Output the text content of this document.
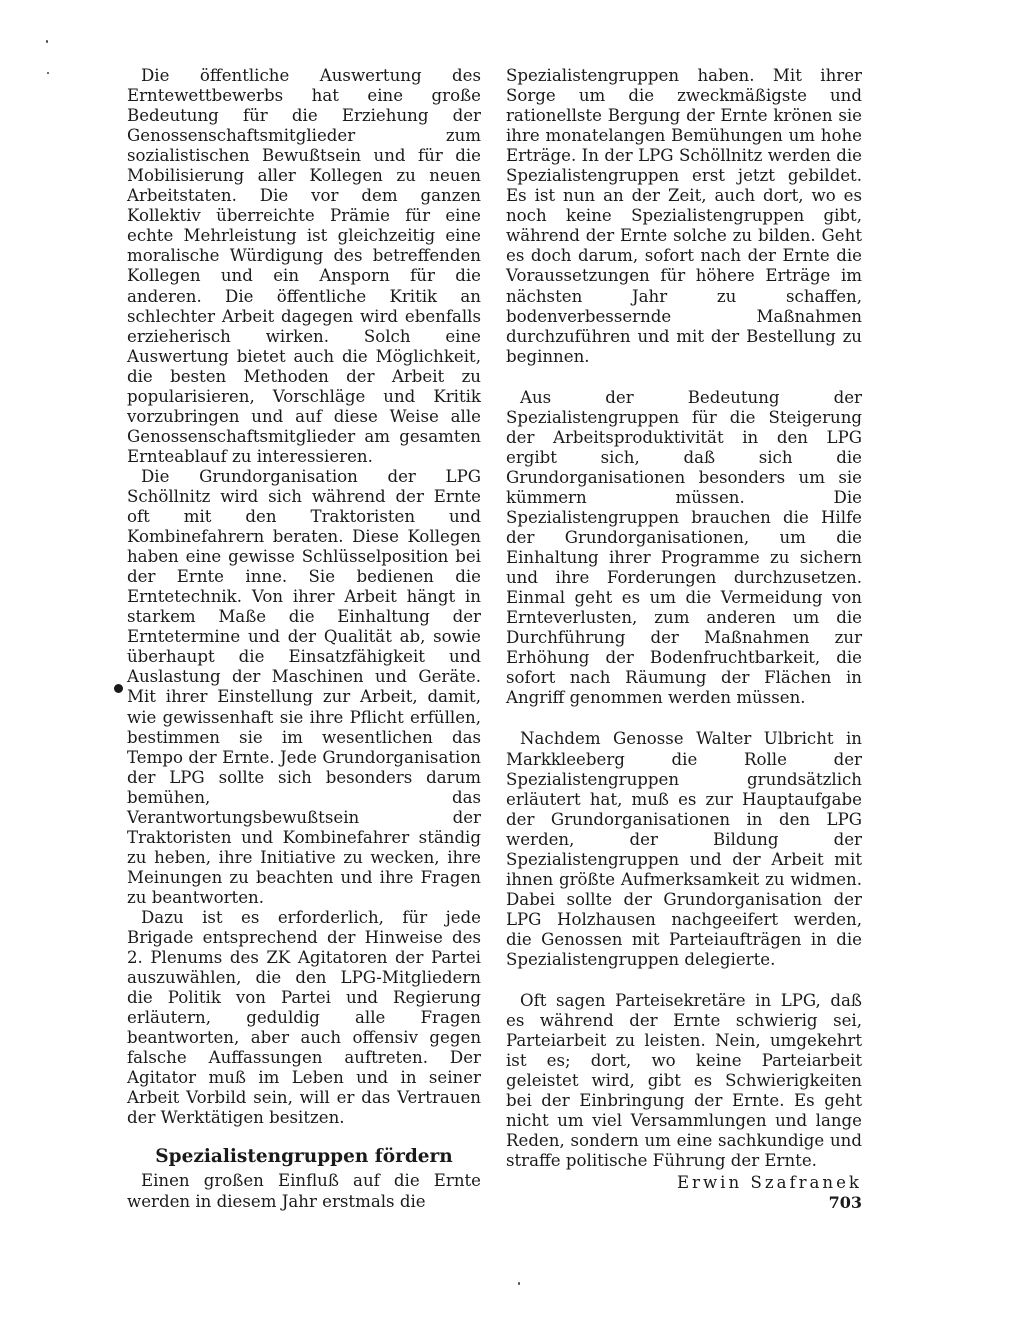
Die öffentliche Auswertung des Erntewettbewerbs hat eine große Bedeutung für die Erziehung der Genossenschaftsmitglieder zum sozialistischen Bewußtsein und für die Mobilisierung aller Kollegen zu neuen Arbeitstaten. Die vor dem ganzen Kollektiv überreichte Prämie für eine echte Mehrleistung ist gleichzeitig eine moralische Würdigung des betreffenden Kollegen und ein Ansporn für die anderen. Die öffentliche Kritik an schlechter Arbeit dagegen wird ebenfalls erzieherisch wirken. Solch eine Auswertung bietet auch die Möglichkeit, die besten Methoden der Arbeit zu popularisieren, Vorschläge und Kritik vorzubringen und auf diese Weise alle Genossenschaftsmitglieder am gesamten Ernteablauf zu interessieren.

Die Grundorganisation der LPG Schöllnitz wird sich während der Ernte oft mit den Traktoristen und Kombinefahrern beraten. Diese Kollegen haben eine gewisse Schlüsselposition bei der Ernte inne. Sie bedienen die Erntetechnik. Von ihrer Arbeit hängt in starkem Maße die Einhaltung der Erntetermine und der Qualität ab, sowie überhaupt die Einsatzfähigkeit und Auslastung der Maschinen und Geräte. Mit ihrer Einstellung zur Arbeit, damit, wie gewissenhaft sie ihre Pflicht erfüllen, bestimmen sie im wesentlichen das Tempo der Ernte. Jede Grundorganisation der LPG sollte sich besonders darum bemühen, das Verantwortungsbewußtsein der Traktoristen und Kombinefahrer ständig zu heben, ihre Initiative zu wecken, ihre Meinungen zu beachten und ihre Fragen zu beantworten.

Dazu ist es erforderlich, für jede Brigade entsprechend der Hinweise des 2. Plenums des ZK Agitatoren der Partei auszuwählen, die den LPG-Mitgliedern die Politik von Partei und Regierung erläutern, geduldig alle Fragen beantworten, aber auch offensiv gegen falsche Auffassungen auftreten. Der Agitator muß im Leben und in seiner Arbeit Vorbild sein, will er das Vertrauen der Werktätigen besitzen.

Spezialistengruppen fördern

Einen großen Einfluß auf die Ernte werden in diesem Jahr erstmals die

Spezialistengruppen haben. Mit ihrer Sorge um die zweckmäßigste und rationellste Bergung der Ernte krönen sie ihre monatelangen Bemühungen um hohe Erträge. In der LPG Schöllnitz werden die Spezialistengruppen erst jetzt gebildet. Es ist nun an der Zeit, auch dort, wo es noch keine Spezialistengruppen gibt, während der Ernte solche zu bilden. Geht es doch darum, sofort nach der Ernte die Voraussetzungen für höhere Erträge im nächsten Jahr zu schaffen, bodenverbessernde Maßnahmen durchzuführen und mit der Bestellung zu beginnen.

Aus der Bedeutung der Spezialistengruppen für die Steigerung der Arbeitsproduktivität in den LPG ergibt sich, daß sich die Grundorganisationen besonders um sie kümmern müssen. Die Spezialistengruppen brauchen die Hilfe der Grundorganisationen, um die Einhaltung ihrer Programme zu sichern und ihre Forderungen durchzusetzen. Einmal geht es um die Vermeidung von Ernteverlusten, zum anderen um die Durchführung der Maßnahmen zur Erhöhung der Bodenfruchtbarkeit, die sofort nach Räumung der Flächen in Angriff genommen werden müssen.

Nachdem Genosse Walter Ulbricht in Markkleeberg die Rolle der Spezialistengruppen grundsätzlich erläutert hat, muß es zur Hauptaufgabe der Grundorganisationen in den LPG werden, der Bildung der Spezialistengruppen und der Arbeit mit ihnen größte Aufmerksamkeit zu widmen. Dabei sollte der Grundorganisation der LPG Holzhausen nachgeeifert werden, die Genossen mit Parteiaufträgen in die Spezialistengruppen delegierte.

Oft sagen Parteisekretäre in LPG, daß es während der Ernte schwierig sei, Parteiarbeit zu leisten. Nein, umgekehrt ist es; dort, wo keine Parteiarbeit geleistet wird, gibt es Schwierigkeiten bei der Einbringung der Ernte. Es geht nicht um viel Versammlungen und lange Reden, sondern um eine sachkundige und straffe politische Führung der Ernte.

Erwin Szafranek
703
